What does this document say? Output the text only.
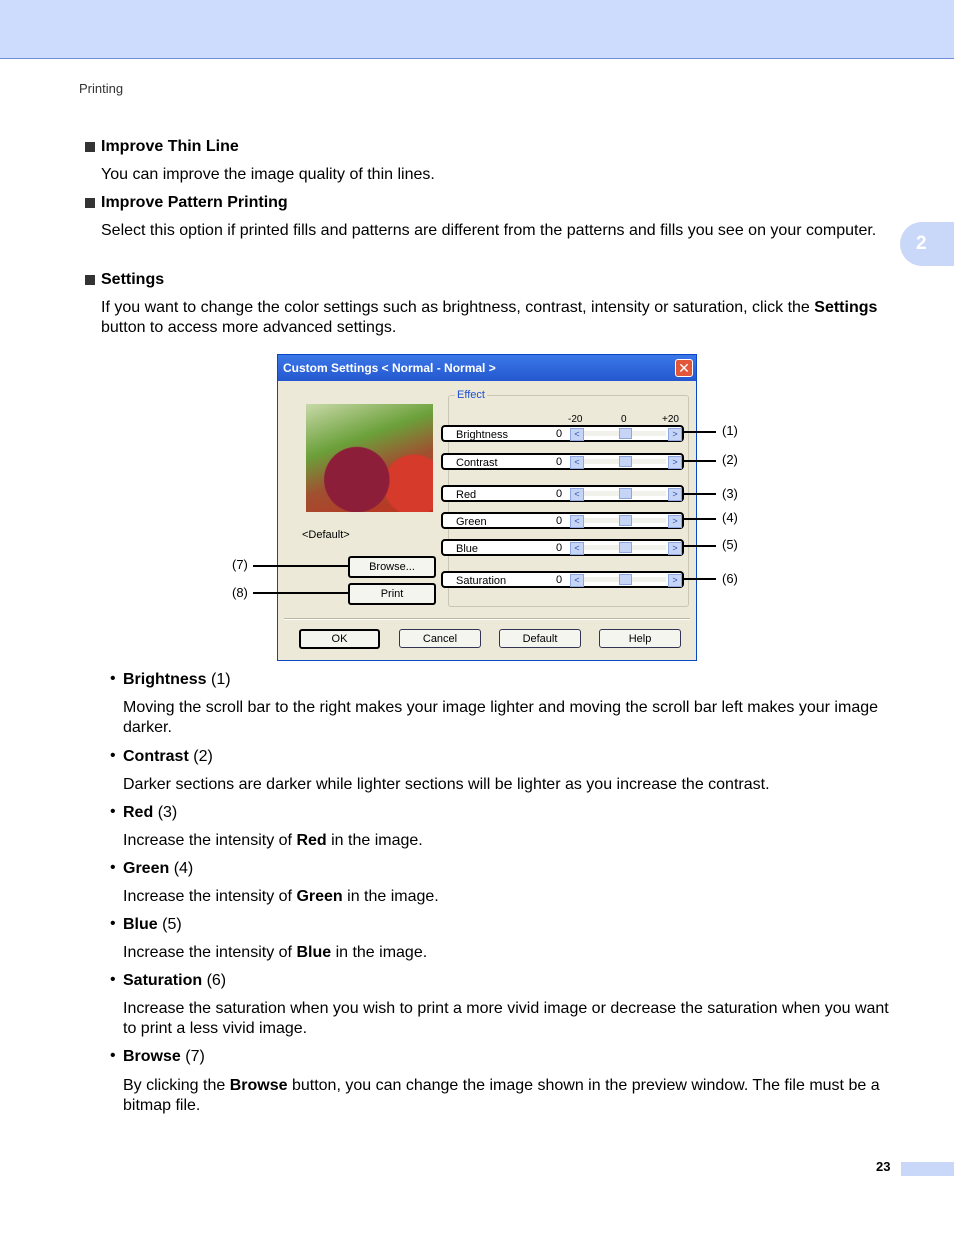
Printing
2
Improve Thin Line
You can improve the image quality of thin lines.
Improve Pattern Printing
Select this option if printed fills and patterns are different from the patterns and fills you see on your computer.
Settings
If you want to change the color settings such as brightness, contrast, intensity or saturation, click the Settings button to access more advanced settings.
Custom Settings < Normal - Normal >	✕
<Default>
Effect
-20	0	+20
Brightness	0	<	>
Contrast	0	<	>
Red	0	<	>
Green	0	<	>
Blue	0	<	>
Saturation	0	<	>
Browse...
Print
OK	Cancel	Default	Help
(1)
(2)
(3)
(4)
(5)
(6)
(7)
(8)
• Brightness (1)
Moving the scroll bar to the right makes your image lighter and moving the scroll bar left makes your image darker.
• Contrast (2)
Darker sections are darker while lighter sections will be lighter as you increase the contrast.
• Red (3)
Increase the intensity of Red in the image.
• Green (4)
Increase the intensity of Green in the image.
• Blue (5)
Increase the intensity of Blue in the image.
• Saturation (6)
Increase the saturation when you wish to print a more vivid image or decrease the saturation when you want to print a less vivid image.
• Browse (7)
By clicking the Browse button, you can change the image shown in the preview window. The file must be a bitmap file.
23
